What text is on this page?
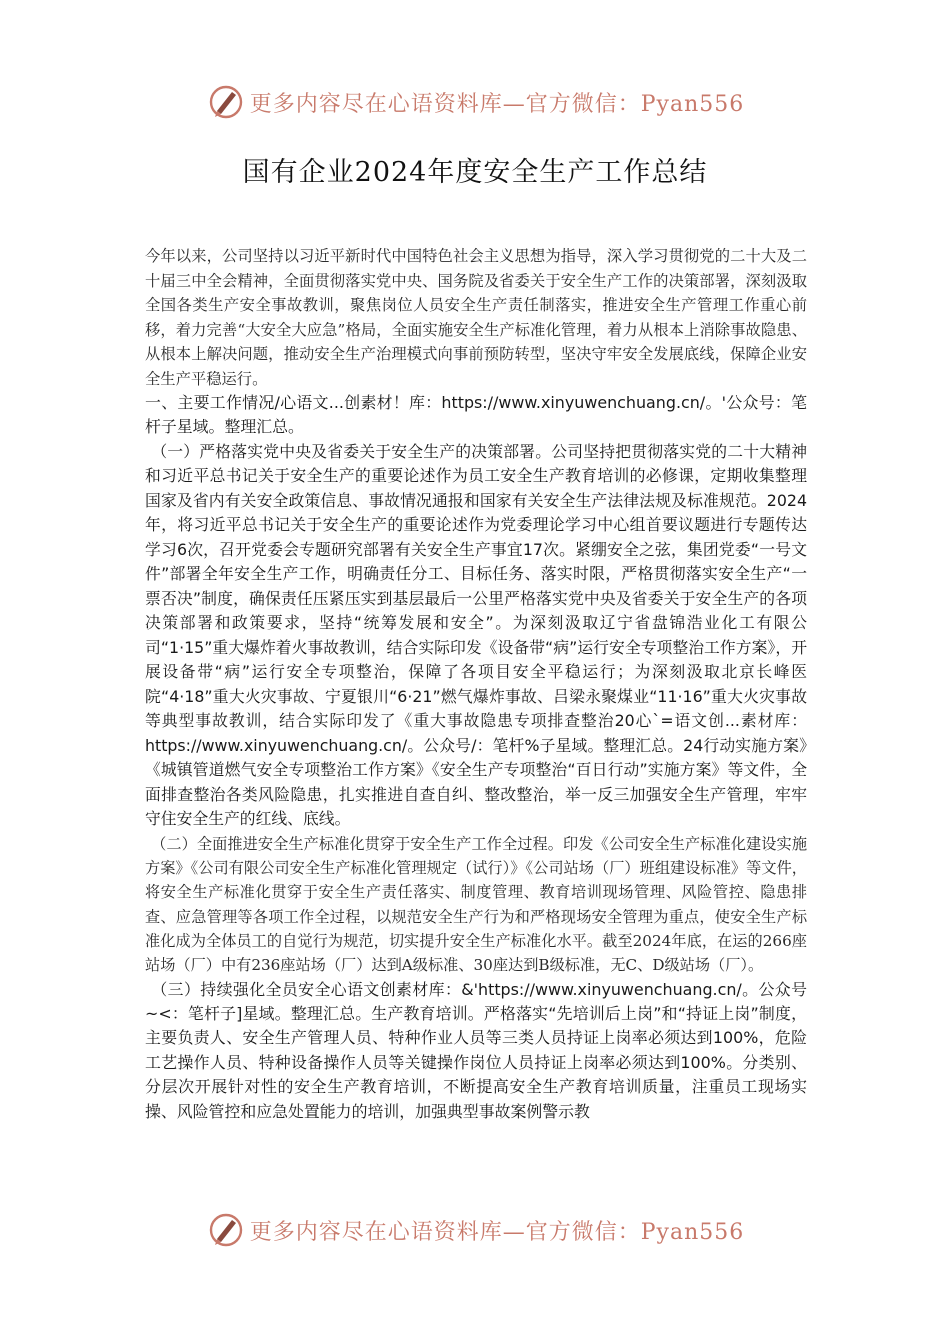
更多内容尽在心语资料库—官方微信：Pyan556
国有企业2024年度安全生产工作总结

今年以来，公司坚持以习近平新时代中国特色社会主义思想为指导，深入学习贯彻党的二十大及二十届三中全会精神，全面贯彻落实党中央、国务院及省委关于安全生产工作的决策部署，深刻汲取全国各类生产安全事故教训，聚焦岗位人员安全生产责任制落实，推进安全生产管理工作重心前移，着力完善“大安全大应急”格局，全面实施安全生产标准化管理，着力从根本上消除事故隐患、从根本上解决问题，推动安全生产治理模式向事前预防转型，坚决守牢安全发展底线，保障企业安全生产平稳运行。

一、主要工作情况/心语文...创素材！库：https://www.xinyuwenchuang.cn/。'公众号：笔杆子星域。整理汇总。

（一）严格落实党中央及省委关于安全生产的决策部署。公司坚持把贯彻落实党的二十大精神和习近平总书记关于安全生产的重要论述作为员工安全生产教育培训的必修课，定期收集整理国家及省内有关安全政策信息、事故情况通报和国家有关安全生产法律法规及标准规范。2024年，将习近平总书记关于安全生产的重要论述作为党委理论学习中心组首要议题进行专题传达学习6次，召开党委会专题研究部署有关安全生产事宜17次。紧绷安全之弦，集团党委“一号文件”部署全年安全生产工作，明确责任分工、目标任务、落实时限，严格贯彻落实安全生产“一票否决”制度，确保责任压紧压实到基层最后一公里严格落实党中央及省委关于安全生产的各项决策部署和政策要求，坚持“统筹发展和安全”。为深刻汲取辽宁省盘锦浩业化工有限公司“1·15”重大爆炸着火事故教训，结合实际印发《设备带“病”运行安全专项整治工作方案》，开展设备带“病”运行安全专项整治，保障了各项目安全平稳运行；为深刻汲取北京长峰医院“4·18”重大火灾事故、宁夏银川“6·21”燃气爆炸事故、吕梁永聚煤业“11·16”重大火灾事故等典型事故教训，结合实际印发了《重大事故隐患专项排查整治20心`=语文创...素材库：https://www.xinyuwenchuang.cn/。公众号/：笔杆%子星域。整理汇总。24行动实施方案》《城镇管道燃气安全专项整治工作方案》《安全生产专项整治“百日行动”实施方案》等文件，全面排查整治各类风险隐患，扎实推进自查自纠、整改整治，举一反三加强安全生产管理，牢牢守住安全生产的红线、底线。

（二）全面推进安全生产标准化贯穿于安全生产工作全过程。印发《公司安全生产标准化建设实施方案》《公司有限公司安全生产标准化管理规定（试行）》《公司站场（厂）班组建设标准》等文件，将安全生产标准化贯穿于安全生产责任落实、制度管理、教育培训现场管理、风险管控、隐患排查、应急管理等各项工作全过程，以规范安全生产行为和严格现场安全管理为重点，使安全生产标准化成为全体员工的自觉行为规范，切实提升安全生产标准化水平。截至2024年底，在运的266座站场（厂）中有236座站场（厂）达到A级标准、30座达到B级标准，无C、D级站场（厂）。

（三）持续强化全员安全心语文创素材库：&'https://www.xinyuwenchuang.cn/。公众号~<：笔杆子]星域。整理汇总。生产教育培训。严格落实“先培训后上岗”和“持证上岗”制度，主要负责人、安全生产管理人员、特种作业人员等三类人员持证上岗率必须达到100%，危险工艺操作人员、特种设备操作人员等关键操作岗位人员持证上岗率必须达到100%。分类别、分层次开展针对性的安全生产教育培训，不断提高安全生产教育培训质量，注重员工现场实操、风险管控和应急处置能力的培训，加强典型事故案例警示教

更多内容尽在心语资料库—官方微信：Pyan556
